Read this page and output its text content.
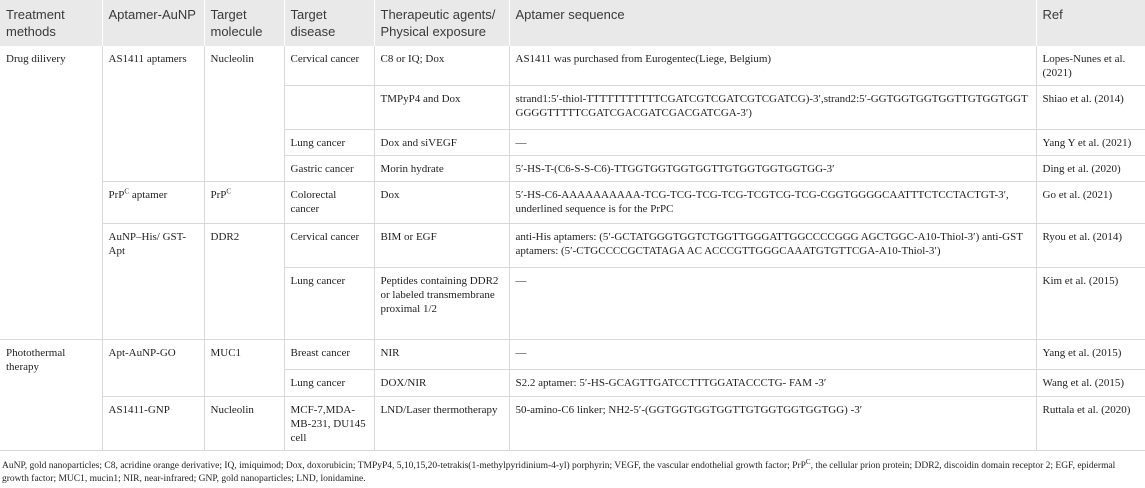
Treatment methods	Aptamer-AuNP	Target molecule	Target disease	Therapeutic agents/ Physical exposure	Aptamer sequence	Ref
Drug dilivery	AS1411 aptamers	Nucleolin	Cervical cancer	C8 or IQ; Dox	AS1411 was purchased from Eurogentec(Liege, Belgium)	Lopes-Nunes et al. (2021)
				TMPyP4 and Dox	strand1:5′-thiol-TTTTTTTTTTTCGATCGTCGATCGTCGATCG)-3′,strand2:5′-GGTGGTGGTGGTTGTGGTGGTGGGGTTTTTCGATCGACGATCGACGATCGA-3′)	Shiao et al. (2014)
			Lung cancer	Dox and siVEGF	—	Yang Y et al. (2021)
			Gastric cancer	Morin hydrate	5′-HS-T-(C6-S-S-C6)-TTGGTGGTGGTGGTTGTGGTGGTGGTGG-3′	Ding et al. (2020)
	PrP$^C$ aptamer	PrP$^C$	Colorectal cancer	Dox	5′-HS-C6-AAAAAAAAAA-TCG-TCG-TCG-TCG-TCGTCG-TCG-CGGTGGGGCAATTTCTCCTACTGT-3′, underlined sequence is for the PrPC	Go et al. (2021)
	AuNP–His/ GST-Apt	DDR2	Cervical cancer	BIM or EGF	anti-His aptamers: (5′-GCTATGGGTGGTCTGGTTGGGATTGGCCCCGGG AGCTGGC-A10-Thiol-3′) anti-GST aptamers: (5′-CTGCCCCGCTATAGA AC ACCCGTTGGGCAAATGTGTTCGA-A10-Thiol-3′)	Ryou et al. (2014)
			Lung cancer	Peptides containing DDR2 or labeled transmembrane proximal 1/2	—	Kim et al. (2015)
Photothermal therapy	Apt-AuNP-GO	MUC1	Breast cancer	NIR	—	Yang et al. (2015)
			Lung cancer	DOX/NIR	S2.2 aptamer: 5′-HS-GCAGTTGATCCTTTGGATACCCTG- FAM -3′	Wang et al. (2015)
	AS1411-GNP	Nucleolin	MCF-7,MDA-MB-231, DU145 cell	LND/Laser thermotherapy	50-amino-C6 linker; NH2-5′-(GGTGGTGGTGGTTGTGGTGGTGGTGG) -3′	Ruttala et al. (2020)
AuNP, gold nanoparticles; C8, acridine orange derivative; IQ, imiquimod; Dox, doxorubicin; TMPyP4, 5,10,15,20-tetrakis(1-methylpyridinium-4-yl) porphyrin; VEGF, the vascular endothelial growth factor; PrP$^C$, the cellular prion protein; DDR2, discoidin domain receptor 2; EGF, epidermal growth factor; MUC1, mucin1; NIR, near-infrared; GNP, gold nanoparticles; LND, lonidamine.
